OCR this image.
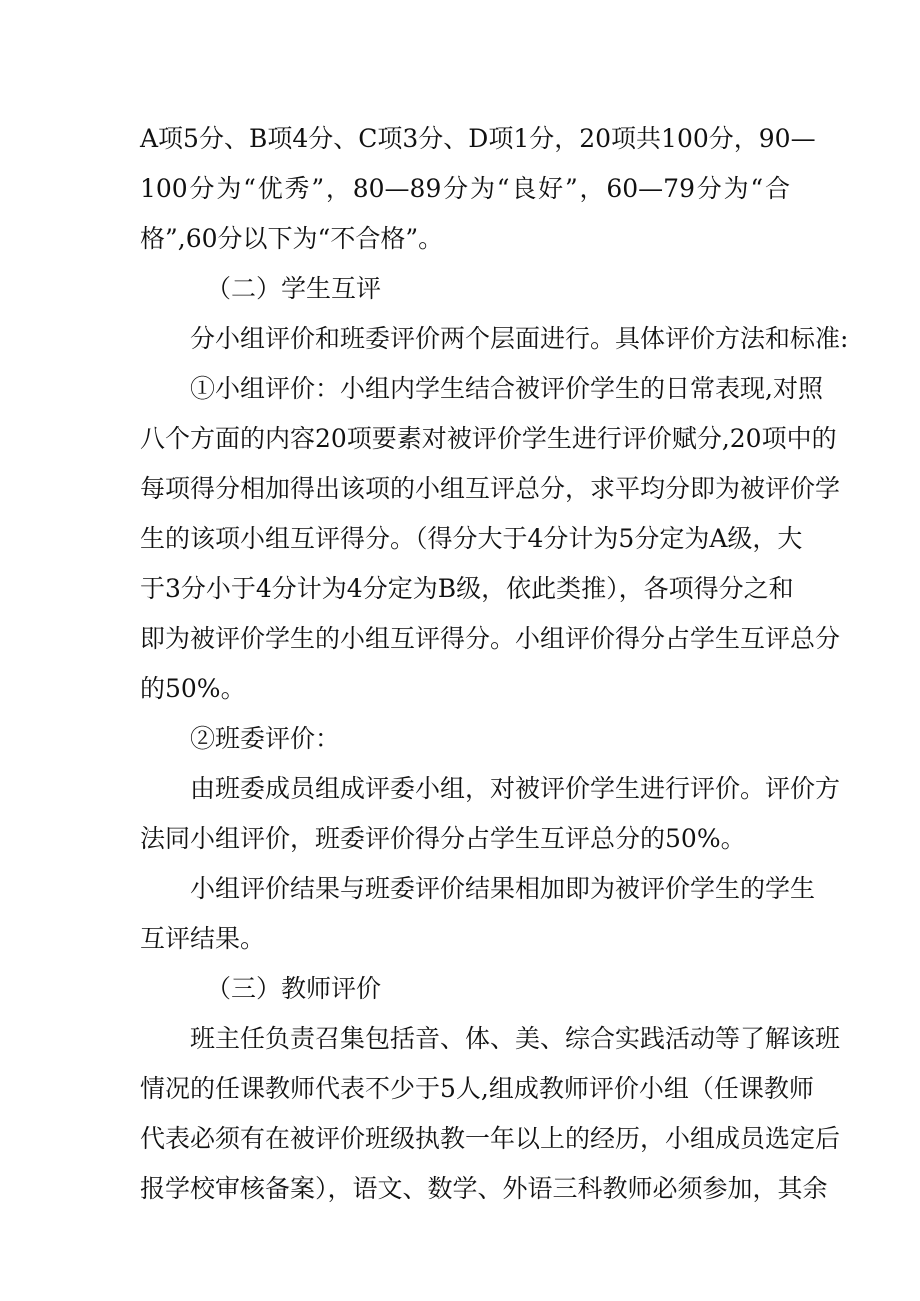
A项5分、B项4分、C项3分、D项1分，20项共100分，90—
100分为“优秀”，80—89分为“良好”，60—79分为“合
格”,60分以下为“不合格”。
（二）学生互评
分小组评价和班委评价两个层面进行。具体评价方法和标准:
①小组评价：小组内学生结合被评价学生的日常表现,对照
八个方面的内容20项要素对被评价学生进行评价赋分,20项中的
每项得分相加得出该项的小组互评总分，求平均分即为被评价学
生的该项小组互评得分。（得分大于4分计为5分定为A级，大
于3分小于4分计为4分定为B级，依此类推），各项得分之和
即为被评价学生的小组互评得分。小组评价得分占学生互评总分
的50%。
②班委评价：
由班委成员组成评委小组，对被评价学生进行评价。评价方
法同小组评价，班委评价得分占学生互评总分的50%。
小组评价结果与班委评价结果相加即为被评价学生的学生
互评结果。
（三）教师评价
班主任负责召集包括音、体、美、综合实践活动等了解该班
情况的任课教师代表不少于5人,组成教师评价小组（任课教师
代表必须有在被评价班级执教一年以上的经历，小组成员选定后
报学校审核备案），语文、数学、外语三科教师必须参加，其余
